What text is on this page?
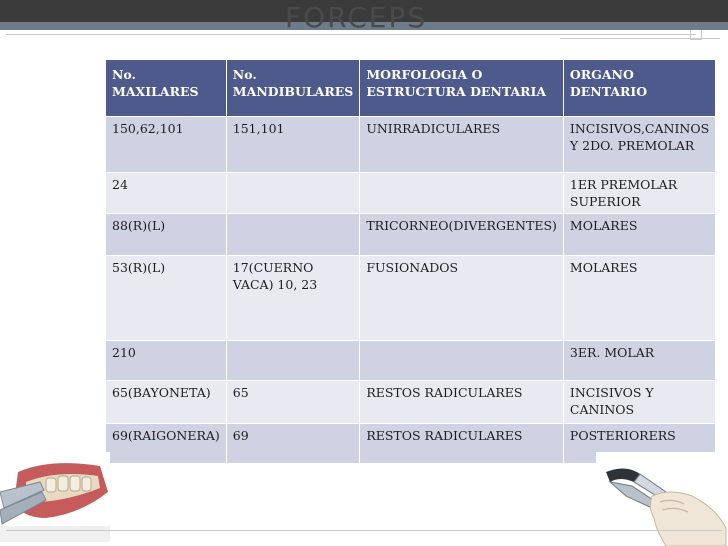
FORCEPS
No. MAXILARES	No. MANDIBULARES	MORFOLOGIA O ESTRUCTURA DENTARIA	ORGANO DENTARIO
150,62,101	151,101	UNIRRADICULARES	INCISIVOS,CANINOS Y 2DO. PREMOLAR
24			1ER PREMOLAR SUPERIOR
88(R)(L)		TRICORNEO(DIVERGENTES)	MOLARES
53(R)(L)	17(CUERNO VACA) 10, 23	FUSIONADOS	MOLARES
210			3ER. MOLAR
65(BAYONETA)	65	RESTOS RADICULARES	INCISIVOS Y CANINOS
69(RAIGONERA)	69	RESTOS RADICULARES	POSTERIORERS
